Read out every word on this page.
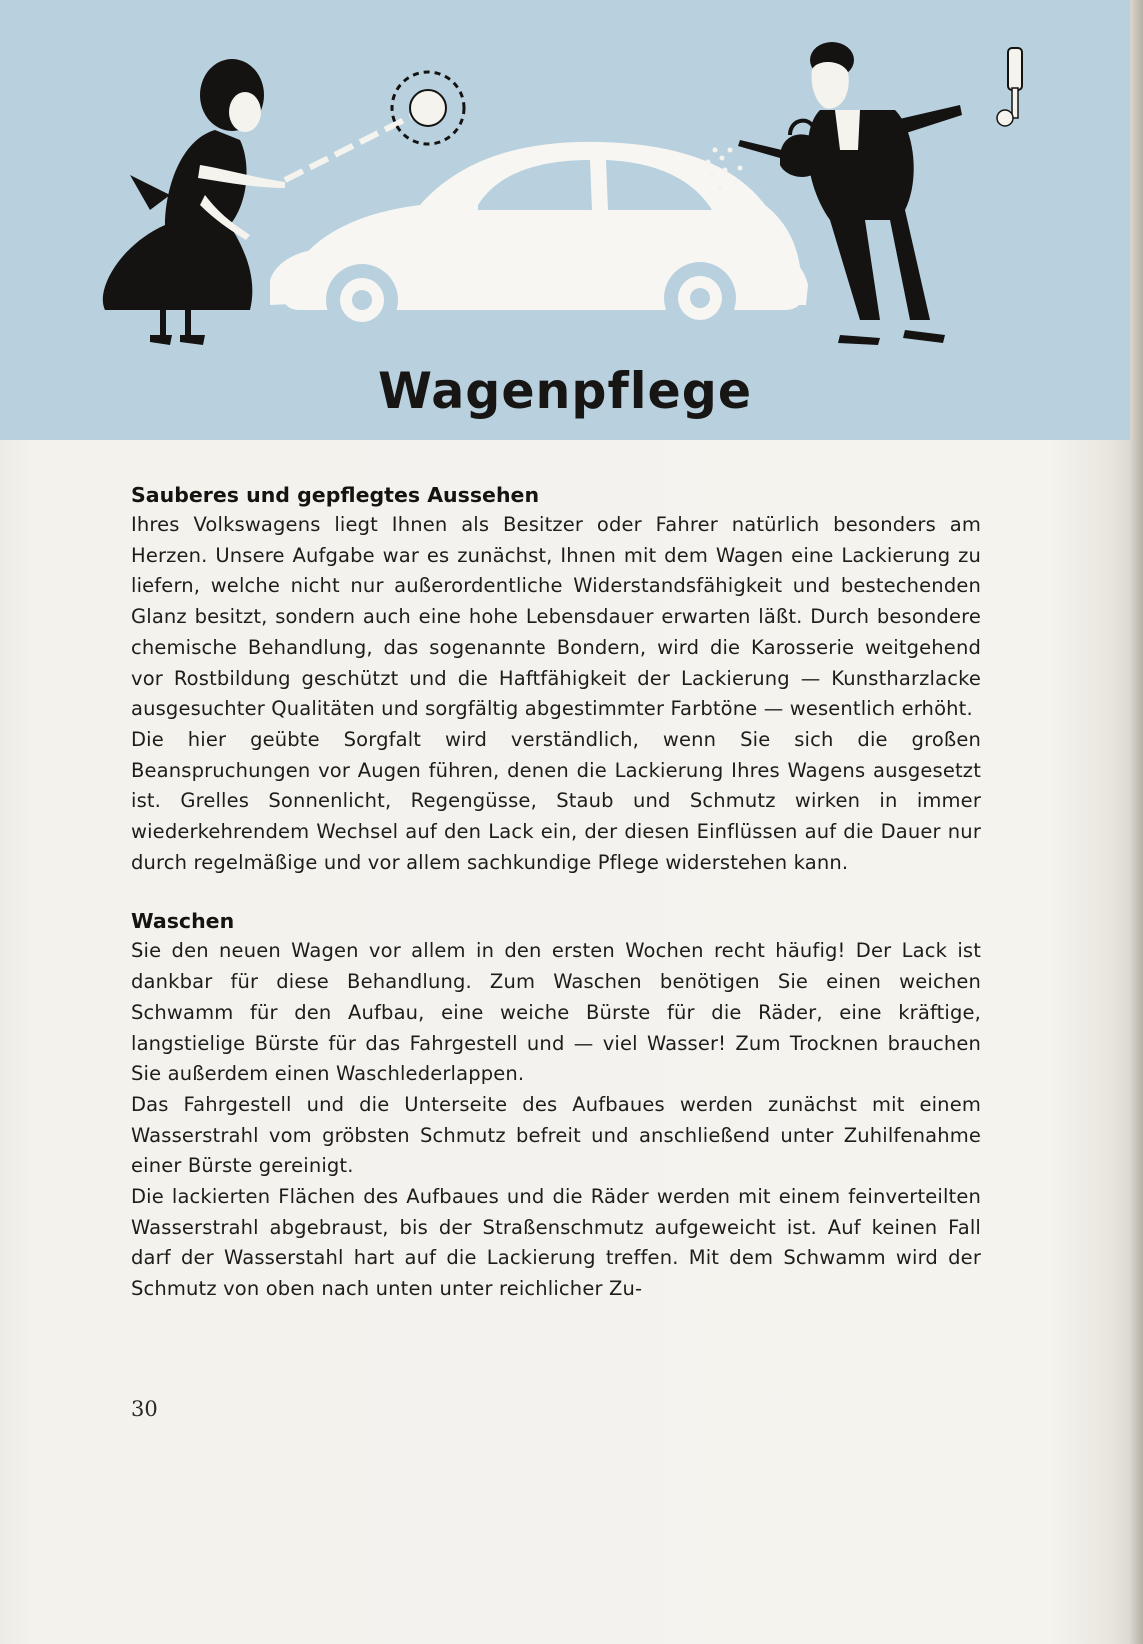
Wagenpflege
Sauberes und gepflegtes Aussehen

Ihres Volkswagens liegt Ihnen als Besitzer oder Fahrer natürlich besonders am Herzen. Unsere Aufgabe war es zunächst, Ihnen mit dem Wagen eine Lackierung zu liefern, welche nicht nur außerordentliche Widerstandsfähigkeit und bestechenden Glanz besitzt, sondern auch eine hohe Lebensdauer erwarten läßt. Durch besondere chemische Behandlung, das sogenannte Bondern, wird die Karosserie weitgehend vor Rostbildung geschützt und die Haftfähigkeit der Lackierung — Kunstharzlacke ausgesuchter Qualitäten und sorgfältig abgestimmter Farbtöne — wesentlich erhöht.

Die hier geübte Sorgfalt wird verständlich, wenn Sie sich die großen Beanspruchungen vor Augen führen, denen die Lackierung Ihres Wagens ausgesetzt ist. Grelles Sonnenlicht, Regengüsse, Staub und Schmutz wirken in immer wiederkehrendem Wechsel auf den Lack ein, der diesen Einflüssen auf die Dauer nur durch regelmäßige und vor allem sachkundige Pflege widerstehen kann.

Waschen

Sie den neuen Wagen vor allem in den ersten Wochen recht häufig! Der Lack ist dankbar für diese Behandlung. Zum Waschen benötigen Sie einen weichen Schwamm für den Aufbau, eine weiche Bürste für die Räder, eine kräftige, langstielige Bürste für das Fahrgestell und — viel Wasser! Zum Trocknen brauchen Sie außerdem einen Waschlederlappen.

Das Fahrgestell und die Unterseite des Aufbaues werden zunächst mit einem Wasserstrahl vom gröbsten Schmutz befreit und anschließend unter Zuhilfenahme einer Bürste gereinigt.

Die lackierten Flächen des Aufbaues und die Räder werden mit einem feinverteilten Wasserstrahl abgebraust, bis der Straßenschmutz aufgeweicht ist. Auf keinen Fall darf der Wasserstahl hart auf die Lackierung treffen. Mit dem Schwamm wird der Schmutz von oben nach unten unter reichlicher Zu-

30
